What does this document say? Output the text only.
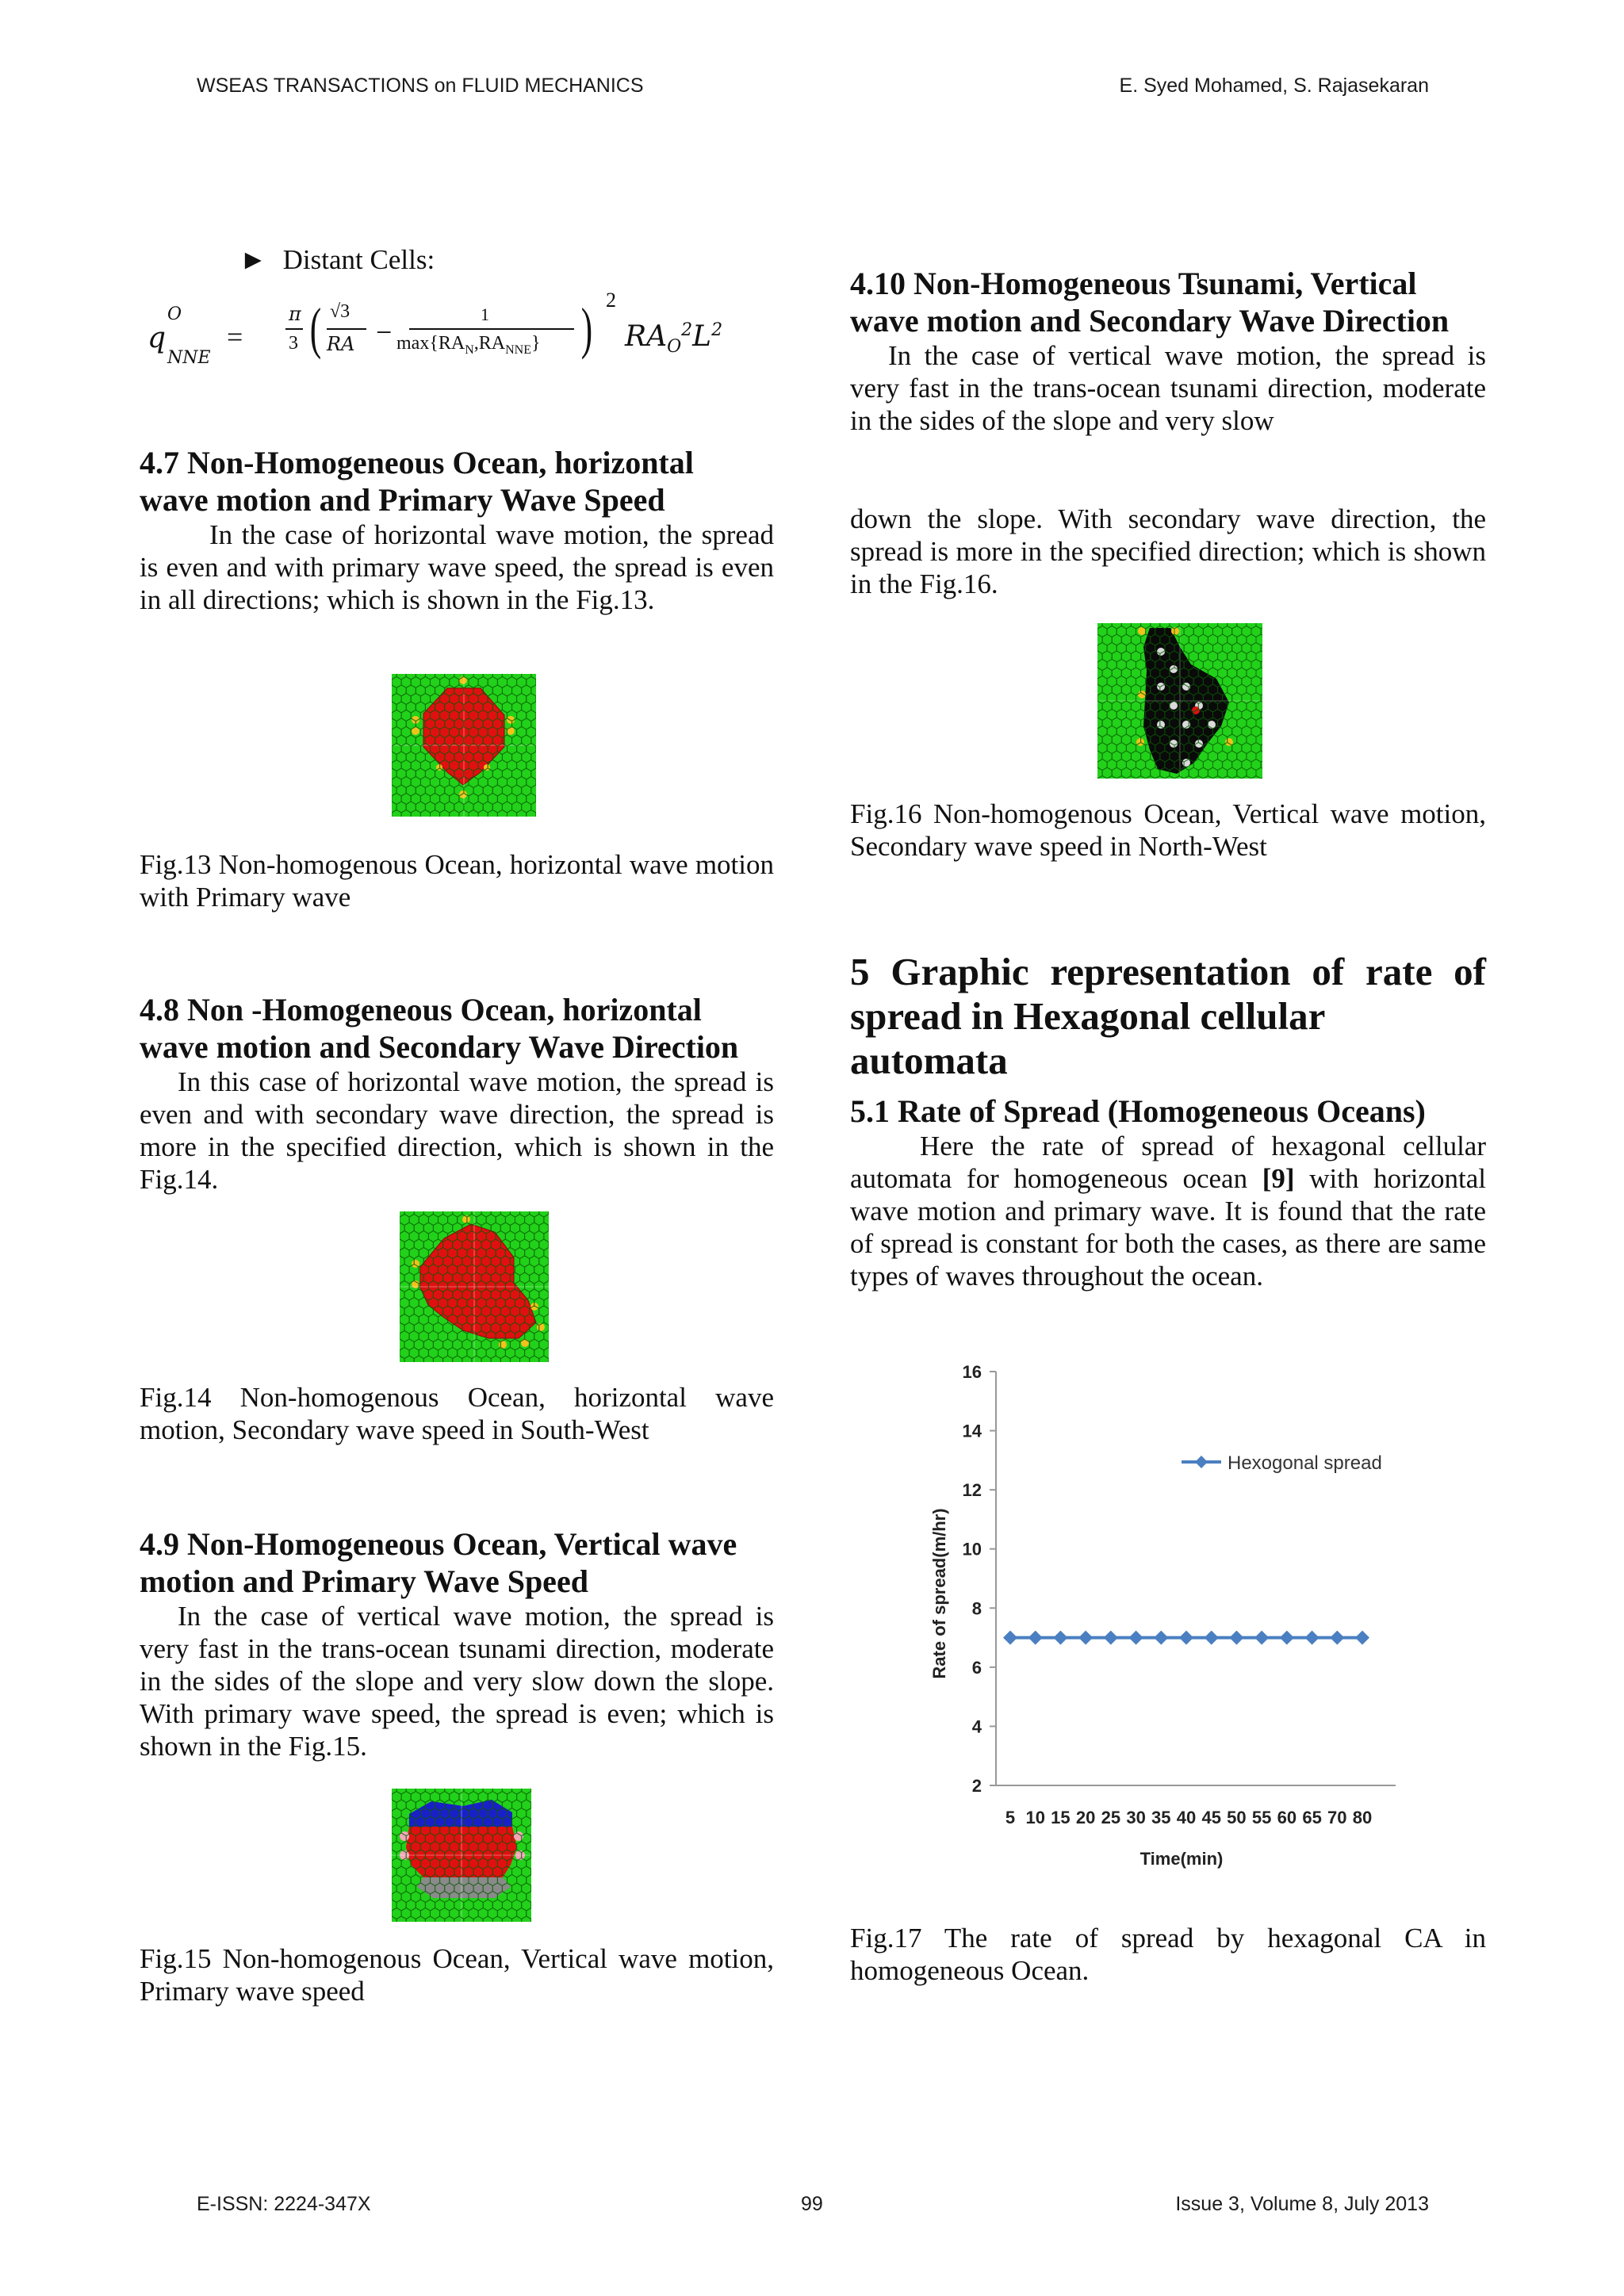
WSEAS TRANSACTIONS on FLUID MECHANICS	E. Syed Mohamed, S. Rajasekaran
► Distant Cells:
q
O
$_{NNE}$
=
π
3 ( √3
RA −
1
$\max\{RA_N,RA_{NNE}\}$ ) 2
$RA_O^2L^2$
4.7 Non-Homogeneous Ocean, horizontal
wave motion and Primary Wave Speed

In the case of horizontal wave motion, the spread is even and with primary wave speed, the spread is even in all directions; which is shown in the Fig.13.

Fig.13 Non-homogenous Ocean, horizontal wave motion with Primary wave
4.8 Non -Homogeneous Ocean, horizontal
wave motion and Secondary Wave Direction

In this case of horizontal wave motion, the spread is even and with secondary wave direction, the spread is more in the specified direction, which is shown in the Fig.14.

Fig.14 Non-homogenous Ocean, horizontal wave motion, Secondary wave speed in South-West
4.9 Non-Homogeneous Ocean, Vertical wave
motion and Primary Wave Speed

In the case of vertical wave motion, the spread is very fast in the trans-ocean tsunami direction, moderate in the sides of the slope and very slow down the slope. With primary wave speed, the spread is even; which is shown in the Fig.15.

Fig.15 Non-homogenous Ocean, Vertical wave motion, Primary wave speed
4.10 Non-Homogeneous Tsunami, Vertical
wave motion and Secondary Wave Direction

In the case of vertical wave motion, the spread is very fast in the trans-ocean tsunami direction, moderate in the sides of the slope and very slow

down the slope. With secondary wave direction, the spread is more in the specified direction; which is shown in the Fig.16.

Fig.16 Non-homogenous Ocean, Vertical wave motion, Secondary wave speed in North-West
5 Graphic representation of rate of
spread in Hexagonal cellular automata
5.1 Rate of Spread (Homogeneous Oceans)

Here the rate of spread of hexagonal cellular automata for homogeneous ocean [9] with horizontal wave motion and primary wave. It is found that the rate of spread is constant for both the cases, as there are same types of waves throughout the ocean.

2
4
6
8
10
12
14
16
5 10 15 20 25 30 35 40 45 50 55 60 65 70 80
Hexogonal spread
Rate of spread(m/hr)
Time(min)
Fig.17 The rate of spread by hexagonal CA in homogeneous Ocean.
E-ISSN: 2224-347X	99	Issue 3, Volume 8, July 2013
